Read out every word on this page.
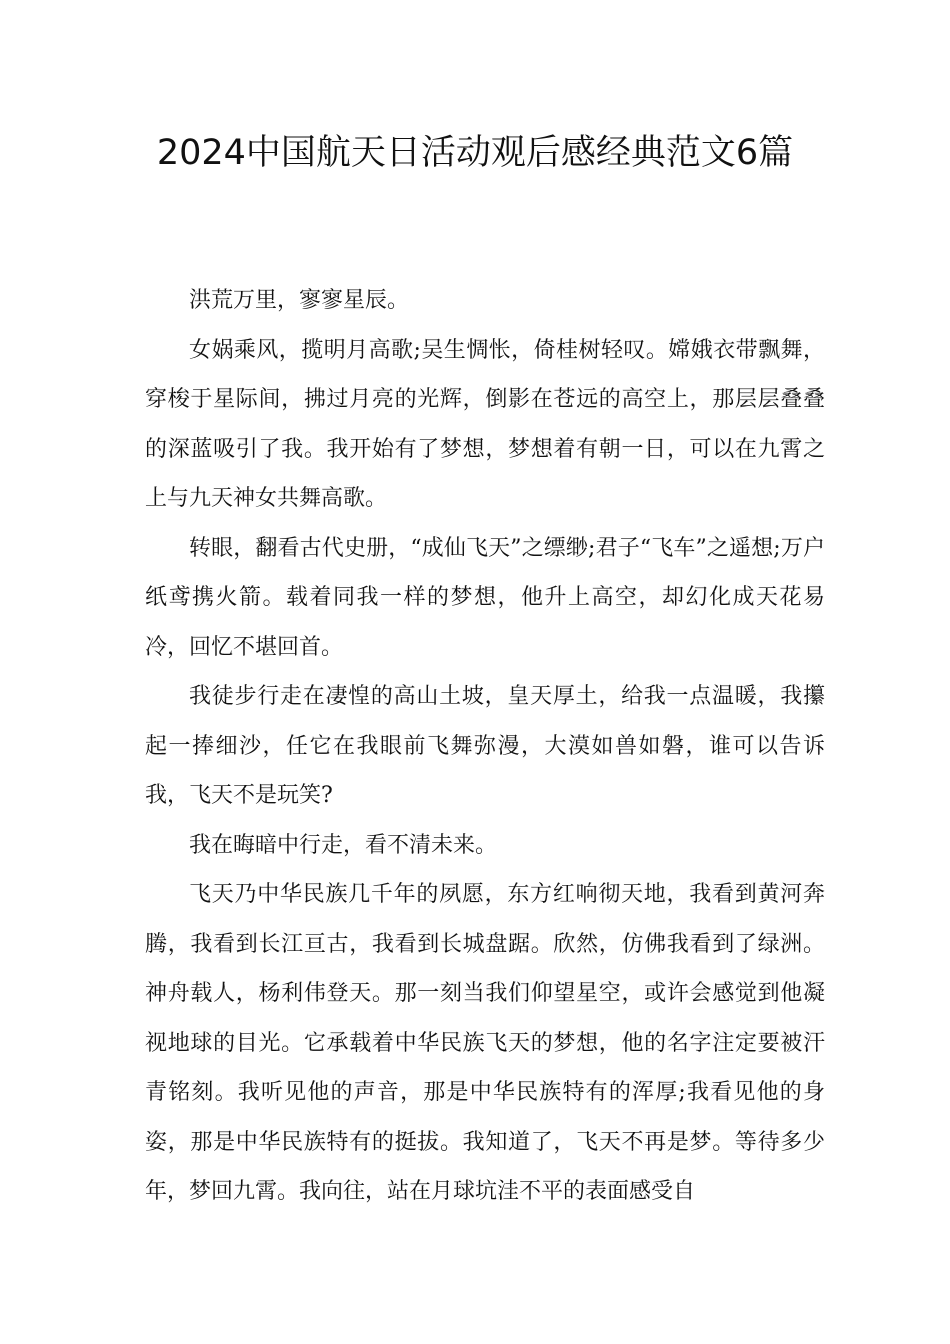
2024中国航天日活动观后感经典范文6篇

洪荒万里，寥寥星辰。

女娲乘风，揽明月高歌;吴生惆怅，倚桂树轻叹。嫦娥衣带飘舞，穿梭于星际间，拂过月亮的光辉，倒影在苍远的高空上，那层层叠叠的深蓝吸引了我。我开始有了梦想，梦想着有朝一日，可以在九霄之上与九天神女共舞高歌。

转眼，翻看古代史册，“成仙飞天”之缥缈;君子“飞车”之遥想;万户纸鸢携火箭。载着同我一样的梦想，他升上高空，却幻化成天花易冷，回忆不堪回首。

我徒步行走在凄惶的高山土坡，皇天厚土，给我一点温暖，我攥起一捧细沙，任它在我眼前飞舞弥漫，大漠如兽如磐，谁可以告诉我，飞天不是玩笑?

我在晦暗中行走，看不清未来。

飞天乃中华民族几千年的夙愿，东方红响彻天地，我看到黄河奔腾，我看到长江亘古，我看到长城盘踞。欣然，仿佛我看到了绿洲。神舟载人，杨利伟登天。那一刻当我们仰望星空，或许会感觉到他凝视地球的目光。它承载着中华民族飞天的梦想，他的名字注定要被汗青铭刻。我听见他的声音，那是中华民族特有的浑厚;我看见他的身姿，那是中华民族特有的挺拔。我知道了，飞天不再是梦。等待多少年，梦回九霄。我向往，站在月球坑洼不平的表面感受自
